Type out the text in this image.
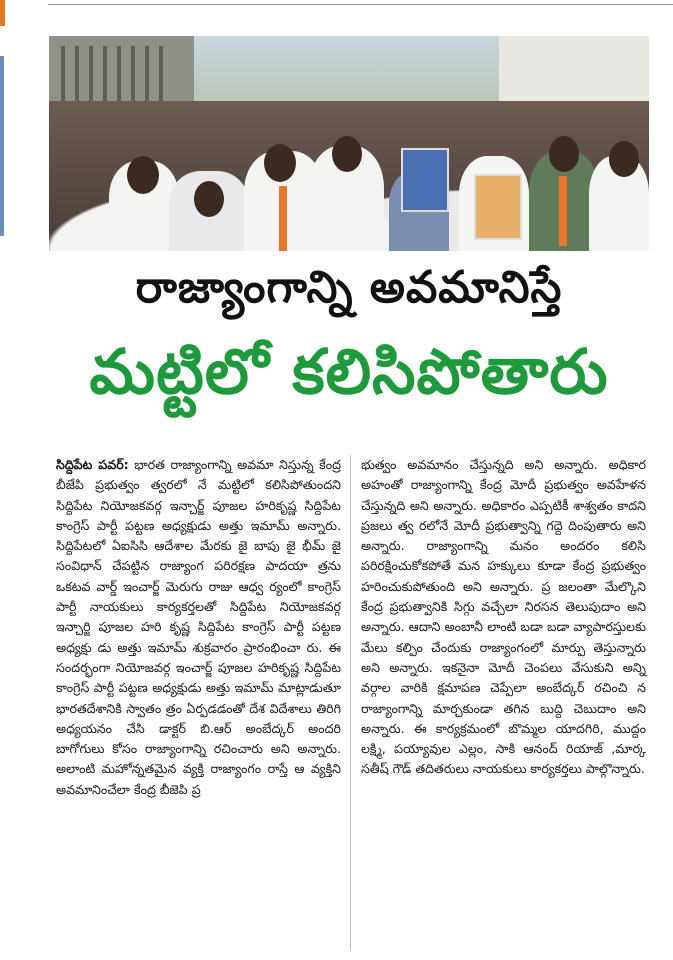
రాజ్యాంగాన్ని అవమానిస్తే
మట్టిలో కలిసిపోతారు

సిద్దిపేట పవర్: భారత రాజ్యాంగాన్ని అవమా నిస్తున్న కేంద్ర బీజేపి ప్రభుత్వం త్వరలో నే మట్టిలో కలిసిపోతుందని సిద్దిపేట నియోజకవర్గ ఇన్చార్జ్ పూజల హరికృష్ణ సిద్దిపేట కాంగ్రెస్ పార్టీ పట్టణ అధ్యక్షుడు అత్తు ఇమామ్ అన్నారు. సిద్దిపేటలో ఏఐసిసి ఆదేశాల మేరకు జై బాపు జై భీమ్ జై సంవిధాన్ చేపట్టిన రాజ్యాంగ పరిరక్షణ పాదయా త్రను ఒకటవ వార్డ్ ఇంచార్జ్ మెరుగు రాజు ఆధ్వ ర్యంలో కాంగ్రెస్ పార్టీ నాయకులు కార్యకర్తలతో సిద్దిపేట నియోజకవర్గ ఇన్చార్జి పూజల హరి కృష్ణ సిద్దిపేట కాంగ్రెస్ పార్టీ పట్టణ అధ్యక్షు డు అత్తు ఇమామ్ శుక్రవారం ప్రారంభించా రు. ఈ సందర్భంగా నియోజవర్గ ఇంచార్జ్ పూజల హరికృష్ణ సిద్దిపేట కాంగ్రెస్ పార్టీ పట్టణ అధ్యక్షుడు అత్తు ఇమామ్ మాట్లాడుతూ భారతదేశానికి స్వాతం త్రం ఏర్పడడంతో దేశ విదేశాలు తిరిగి అధ్యయనం చేసి డాక్టర్ బి.ఆర్ అంబేద్కర్ అందరి బాగోగులు కోసం రాజ్యాంగాన్ని రచించారు అని అన్నారు. అలాంటి మహోన్నతమైన వ్యక్తి రాజ్యాంగం రాస్తే ఆ వ్యక్తిని అవమానించేలా కేంద్ర బీజెపి ప్ర

భుత్వం అవమానం చేస్తున్నది అని అన్నారు. అధికార అహంతో రాజ్యాంగాన్ని కేంద్ర మోదీ ప్రభుత్వం అవహేళన చేస్తున్నది అని అన్నారు. అధికారం ఎప్పటికీ శాశ్వతం కాదని ప్రజలు త్వ రలోనే మోదీ ప్రభుత్వాన్ని గద్దె దింపుతారు అని అన్నారు. రాజ్యాంగాన్ని మనం అందరం కలిసి పరిరక్షించుకోకపోతే మన హక్కులు కూడా కేంద్ర ప్రభుత్వం హరించుకుపోతుంది అని అన్నారు. ప్ర జలంతా మేల్కొని కేంద్ర ప్రభుత్వానికి సిగ్గు వచ్చేలా నిరసన తెలుపుదాం అని అన్నారు. ఆదాని అంబానీ లాంటి బడా బడా వ్యాపారస్తులకు మేలు కల్పిం చేందుకు రాజ్యాంగంలో మార్పు తెస్తున్నారు అని అన్నారు. ఇకనైనా మోదీ చెంపలు వేసుకుని అన్ని వర్గాల వారికి క్షమాపణ చెప్పేలా అంబేద్కర్ రచించి న రాజ్యాంగాన్ని మార్చకుండా తగిన బుద్ది చెబుదాం అని అన్నారు. ఈ కార్యక్రమంలో బొమ్మల యాదగిరి, ముద్దం లక్ష్మి, పయ్యావుల ఎల్లం, సాకి ఆనంద్ రియాజ్ ,మార్క సతీష్ గౌడ్ తదితరులు నాయకులు కార్యకర్తలు పాల్గొన్నారు.
